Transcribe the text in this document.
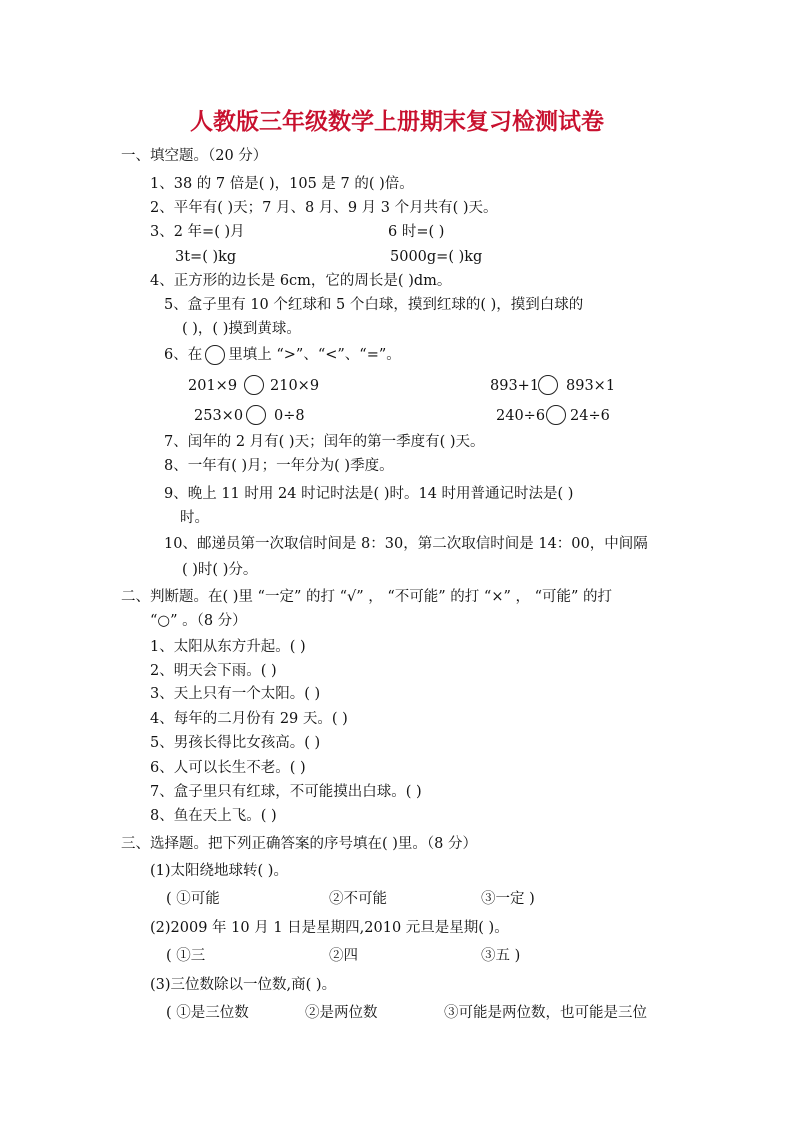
人教版三年级数学上册期末复习检测试卷
一、填空题。（20 分）
1、38 的 7 倍是( )，105 是 7 的( )倍。
2、平年有( )天；7 月、8 月、9 月 3 个月共有( )天。
3、2 年=( )月	6 时=( )
3t=( )kg	5000g=( )kg
4、正方形的边长是 6cm，它的周长是( )dm。
5、盒子里有 10 个红球和 5 个白球，摸到红球的( )，摸到白球的
( )，( )摸到黄球。
6、在 里填上 “>”、“<”、“=”。
201×9 210×9	893+1 893×1
253×0 0÷8	240÷6 24÷6
7、闰年的 2 月有( )天；闰年的第一季度有( )天。
8、一年有( )月；一年分为( )季度。
9、晚上 11 时用 24 时记时法是( )时。14 时用普通记时法是( )
时。
10、邮递员第一次取信时间是 8：30，第二次取信时间是 14：00，中间隔
( )时( )分。
二、判断题。在( )里 “一定” 的打 “√” ， “不可能” 的打 “×” ， “可能” 的打
“○” 。（8 分）
1、太阳从东方升起。( )
2、明天会下雨。( )
3、天上只有一个太阳。( )
4、每年的二月份有 29 天。( )
5、男孩长得比女孩高。( )
6、人可以长生不老。( )
7、盒子里只有红球，不可能摸出白球。( )
8、鱼在天上飞。( )
三、选择题。把下列正确答案的序号填在( )里。（8 分）
(1)太阳绕地球转( )。
( ①可能	②不可能	③一定 )
(2)2009 年 10 月 1 日是星期四,2010 元旦是星期( )。
( ①三	②四	③五 )
(3)三位数除以一位数,商( )。
( ①是三位数	②是两位数	③可能是两位数，也可能是三位
